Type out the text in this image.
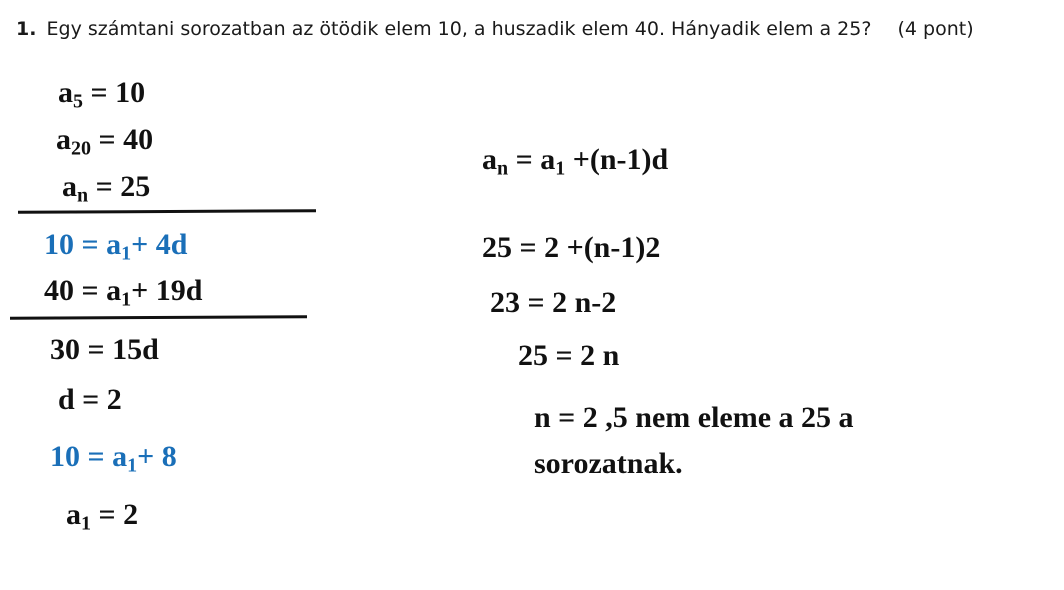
1. Egy számtani sorozatban az ötödik elem 10, a huszadik elem 40. Hányadik elem a 25? (4 pont)
$a_5 = 10$
$a_{20} = 40$
$a_n = 25$
$10 = a_1+ 4d$
$40 = a_1+ 19d$
30 = 15d
d = 2
$10 = a_1+ 8$
$a_1 = 2$
$a_n = a_1 +(n-1)d$
25 = 2 +(n-1)2
23 = 2 n-2
25 = 2 n
n = 2 ,5 nem eleme a 25 a
sorozatnak.
